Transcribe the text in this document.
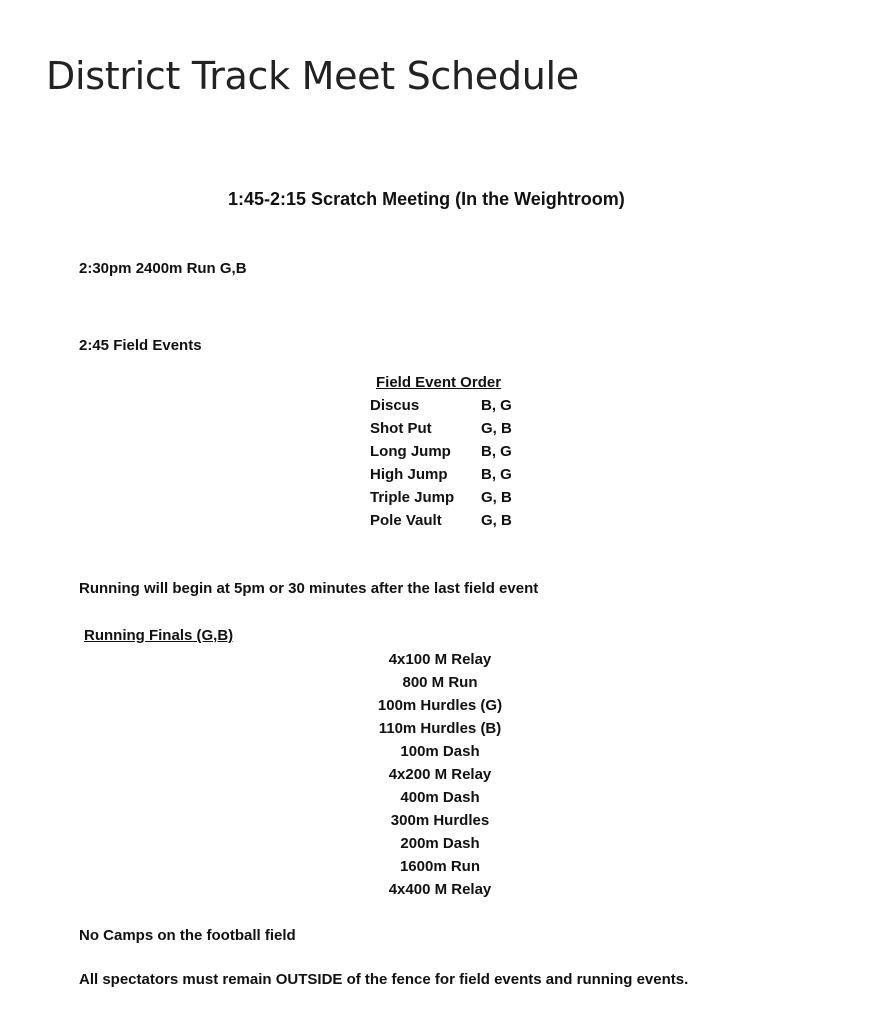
District Track Meet Schedule
1:45-2:15 Scratch Meeting (In the Weightroom)
2:30pm 2400m Run G,B
2:45 Field Events
Field Event Order
Discus	B, G
Shot Put	G, B
Long Jump B, G
High Jump B, G
Triple Jump G, B
Pole Vault	G, B
Running will begin at 5pm or 30 minutes after the last field event
Running Finals (G,B)
4x100 M Relay
800 M Run
100m Hurdles (G)
110m Hurdles (B)
100m Dash
4x200 M Relay
400m Dash
300m Hurdles
200m Dash
1600m Run
4x400 M Relay
No Camps on the football field
All spectators must remain OUTSIDE of the fence for field events and running events.
